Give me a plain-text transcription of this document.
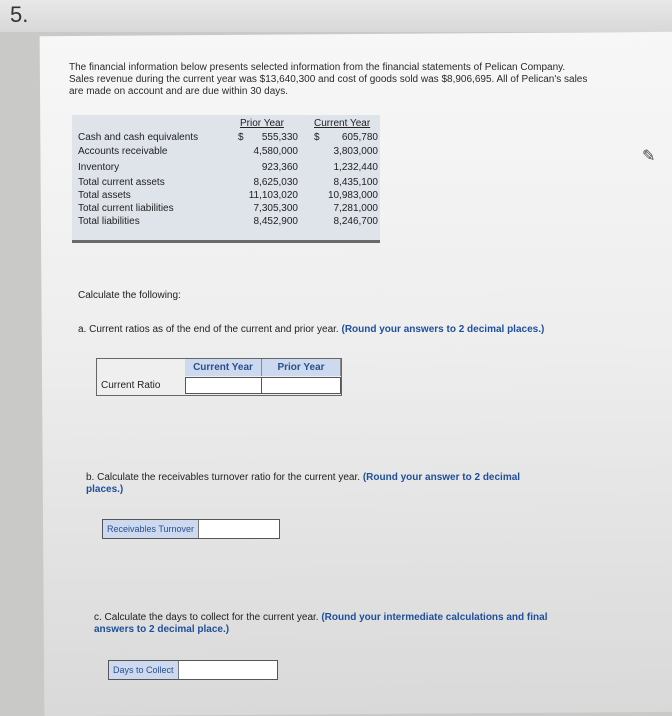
5.
The financial information below presents selected information from the financial statements of Pelican Company. Sales revenue during the current year was $13,640,300 and cost of goods sold was $8,906,695. All of Pelican's sales are made on account and are due within 30 days.
Prior Year	Current Year
Cash and cash equivalents	$	555,330 $	605,780
Accounts receivable	4,580,000	3,803,000
Inventory	923,360	1,232,440
Total current assets	8,625,030	8,435,100
Total assets	11,103,020	10,983,000
Total current liabilities	7,305,300	7,281,000
Total liabilities	8,452,900	8,246,700
✎
Calculate the following:
a. Current ratios as of the end of the current and prior year. (Round your answers to 2 decimal places.)
Current Year	Prior Year
Current Ratio
b. Calculate the receivables turnover ratio for the current year. (Round your answer to 2 decimal places.)
Receivables Turnover
c. Calculate the days to collect for the current year. (Round your intermediate calculations and final answers to 2 decimal place.)
Days to Collect
